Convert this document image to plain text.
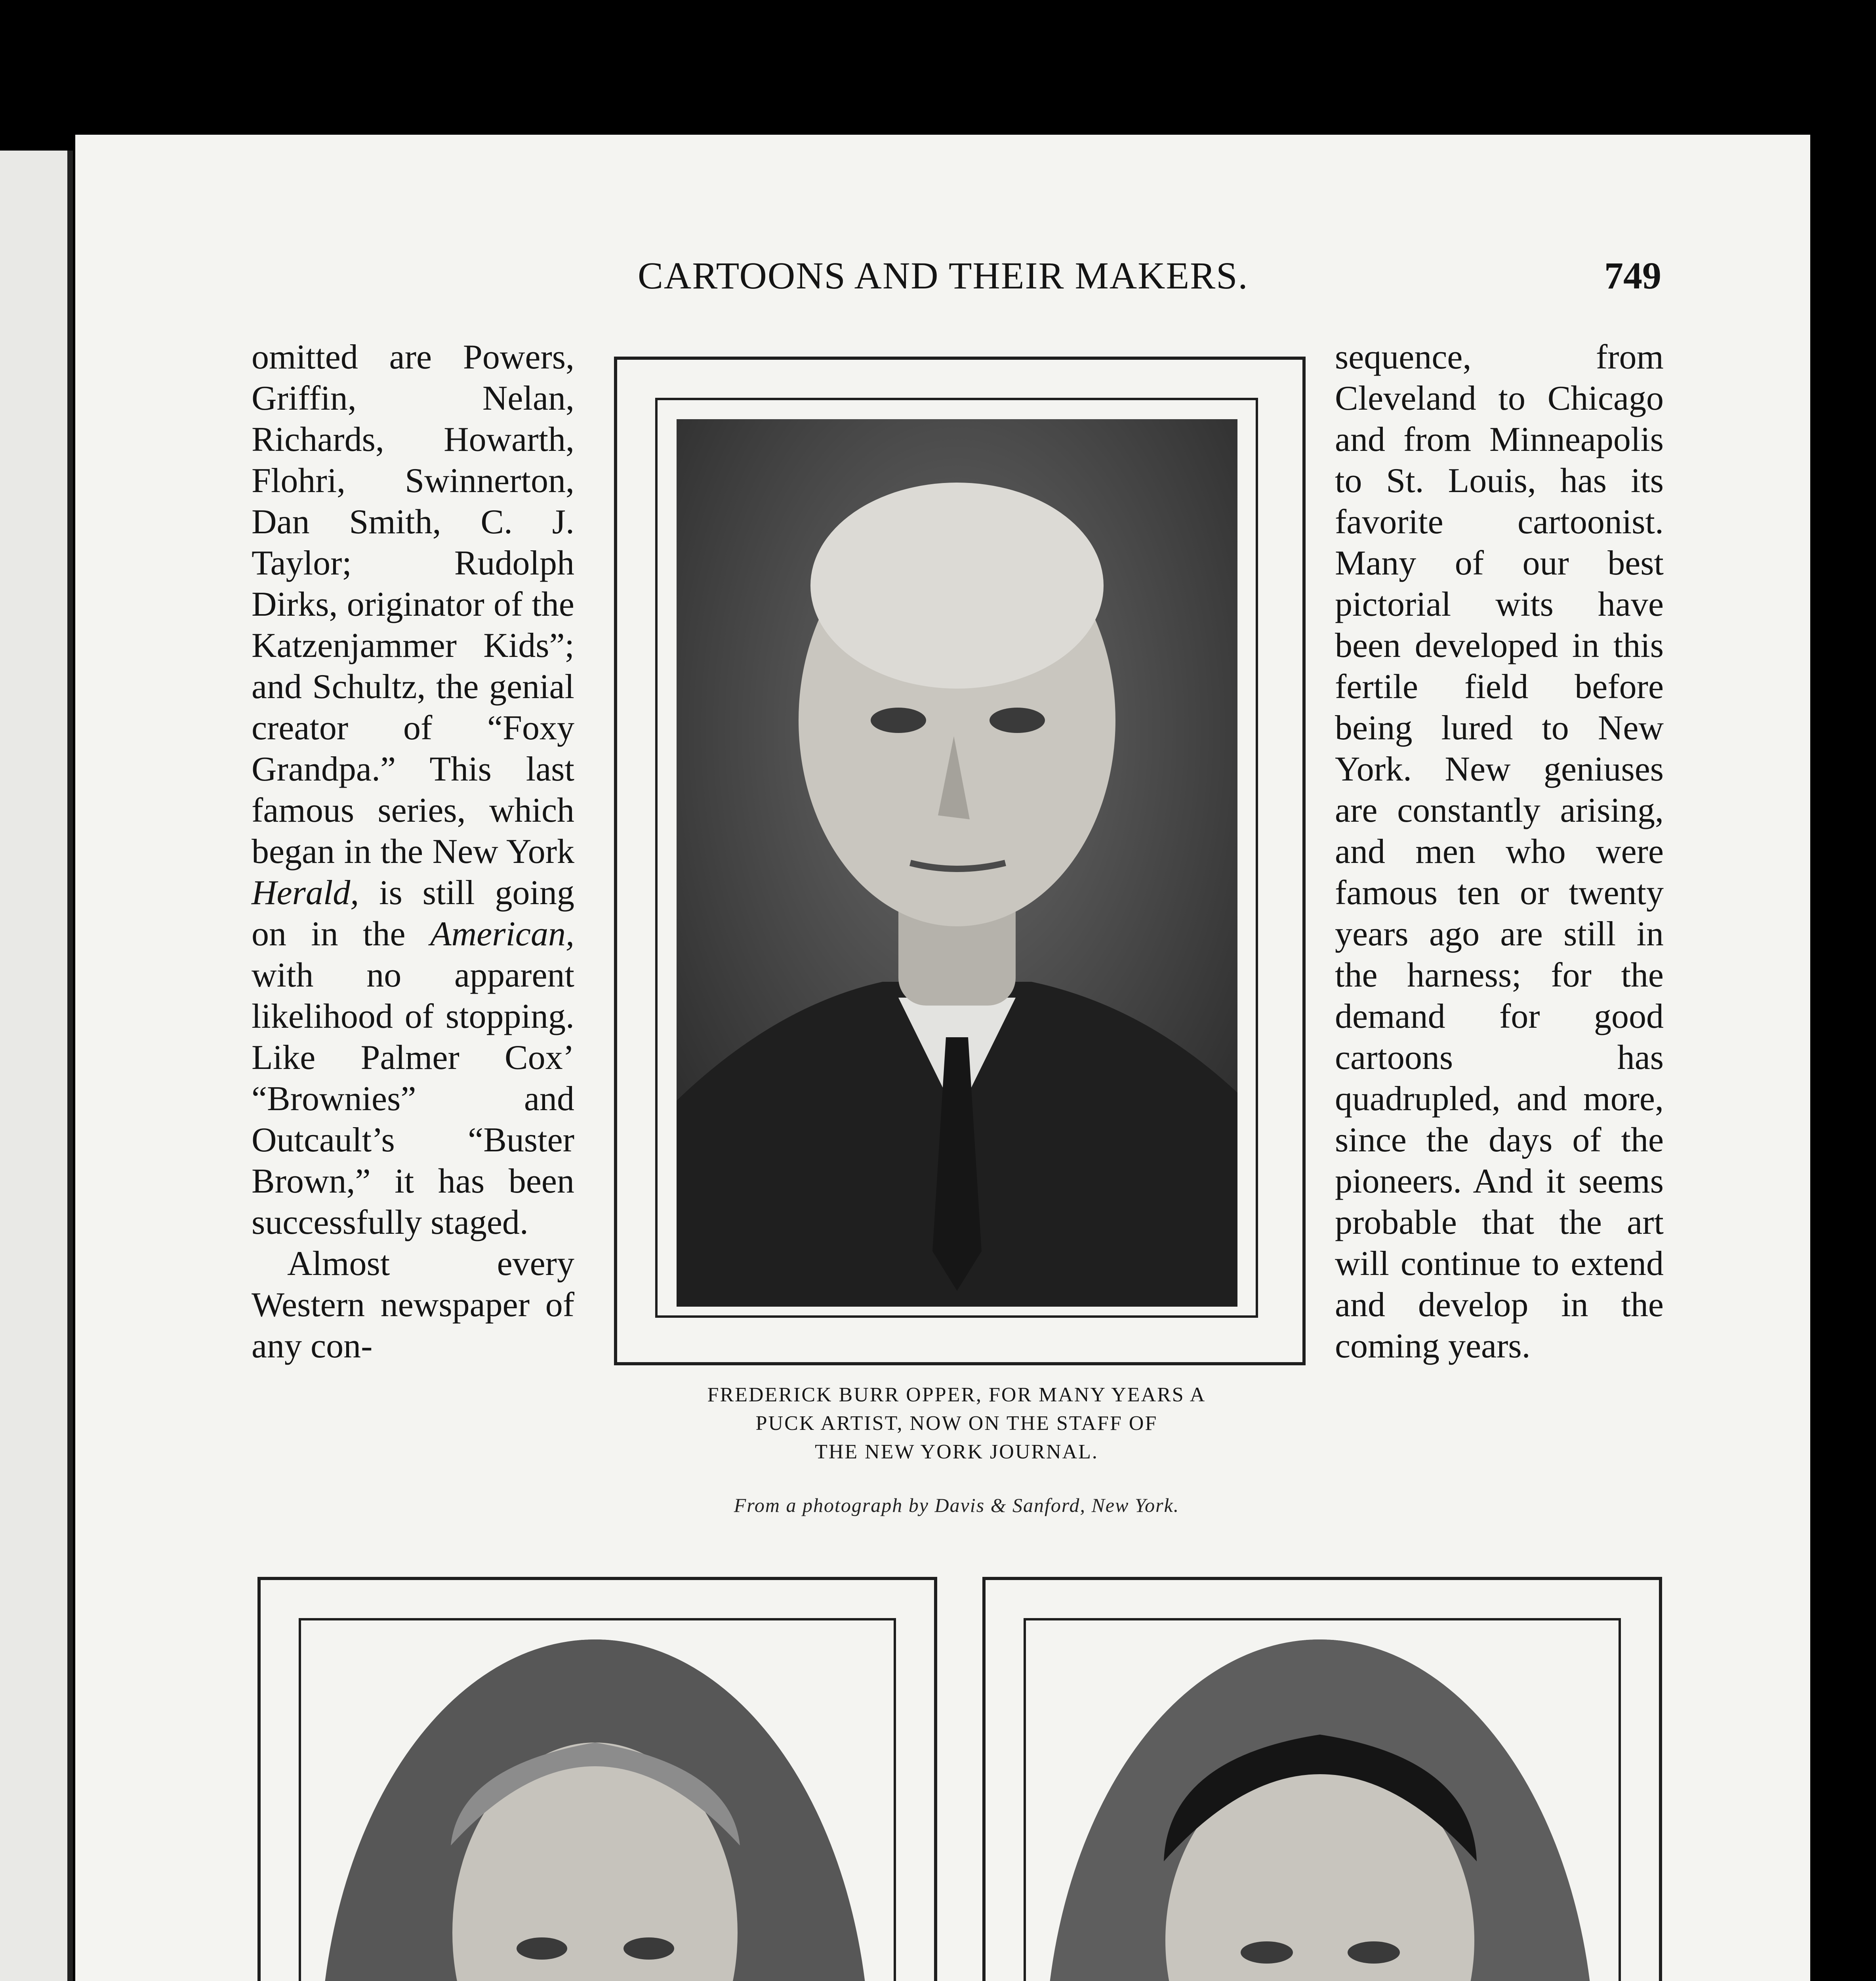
CARTOONS AND THEIR MAKERS.	749

omitted are Powers, Griffin, Nelan, Richards, Howarth, Flohri, Swinnerton, Dan Smith, C. J. Taylor; Rudolph Dirks, originator of the Katzenjammer Kids”; and Schultz, the genial creator of “Foxy Grandpa.” This last famous series, which began in the New York Herald, is still going on in the American, with no apparent likelihood of stopping. Like Palmer Cox’ “Brownies” and Outcault’s “Buster Brown,” it has been successfully staged.

Almost every Western newspaper of any con-

FREDERICK BURR OPPER, FOR MANY YEARS A
PUCK ARTIST, NOW ON THE STAFF OF
THE NEW YORK JOURNAL.
From a photograph by Davis & Sanford, New York.

sequence, from Cleveland to Chicago and from Minneapolis to St. Louis, has its favorite cartoonist. Many of our best pictorial wits have been developed in this fertile field before being lured to New York. New geniuses are constantly arising, and men who were famous ten or twenty years ago are still in the harness; for the demand for good cartoons has quadrupled, and more, since the days of the pioneers. And it seems probable that the art will continue to extend and develop in the coming years.
